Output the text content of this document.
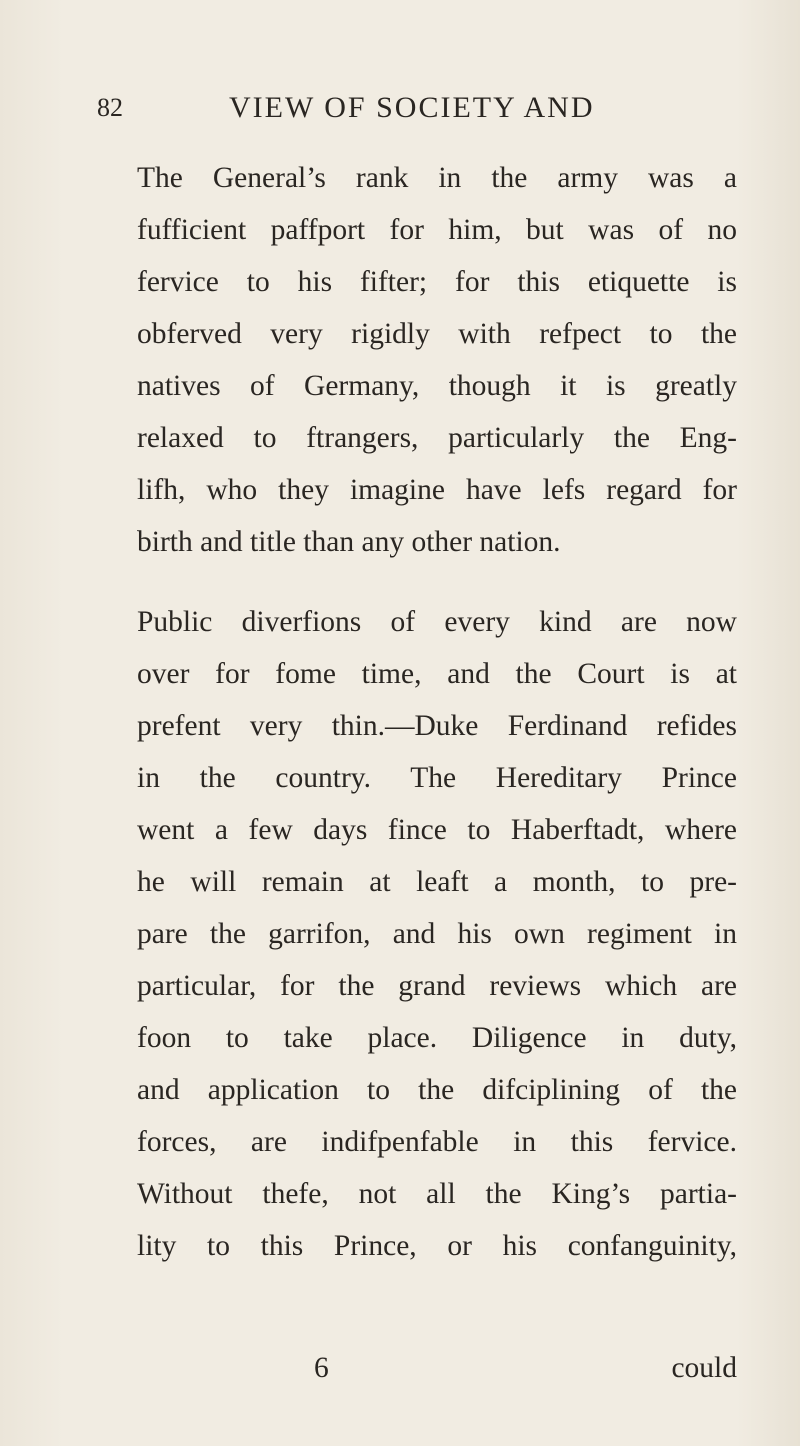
82	VIEW OF SOCIETY AND
The General’s rank in the army was a
fufficient paffport for him, but was of no
fervice to his fifter; for this etiquette is
obferved very rigidly with refpect to the
natives of Germany, though it is greatly
relaxed to ftrangers, particularly the Eng-
lifh, who they imagine have lefs regard for
birth and title than any other nation.
Public diverfions of every kind are now
over for fome time, and the Court is at
prefent very thin.—Duke Ferdinand refides
in the country. The Hereditary Prince
went a few days fince to Haberftadt, where
he will remain at leaft a month, to pre-
pare the garrifon, and his own regiment in
particular, for the grand reviews which are
foon to take place. Diligence in duty,
and application to the difciplining of the
forces, are indifpenfable in this fervice.
Without thefe, not all the King’s partia-
lity to this Prince, or his confanguinity,
6	could
